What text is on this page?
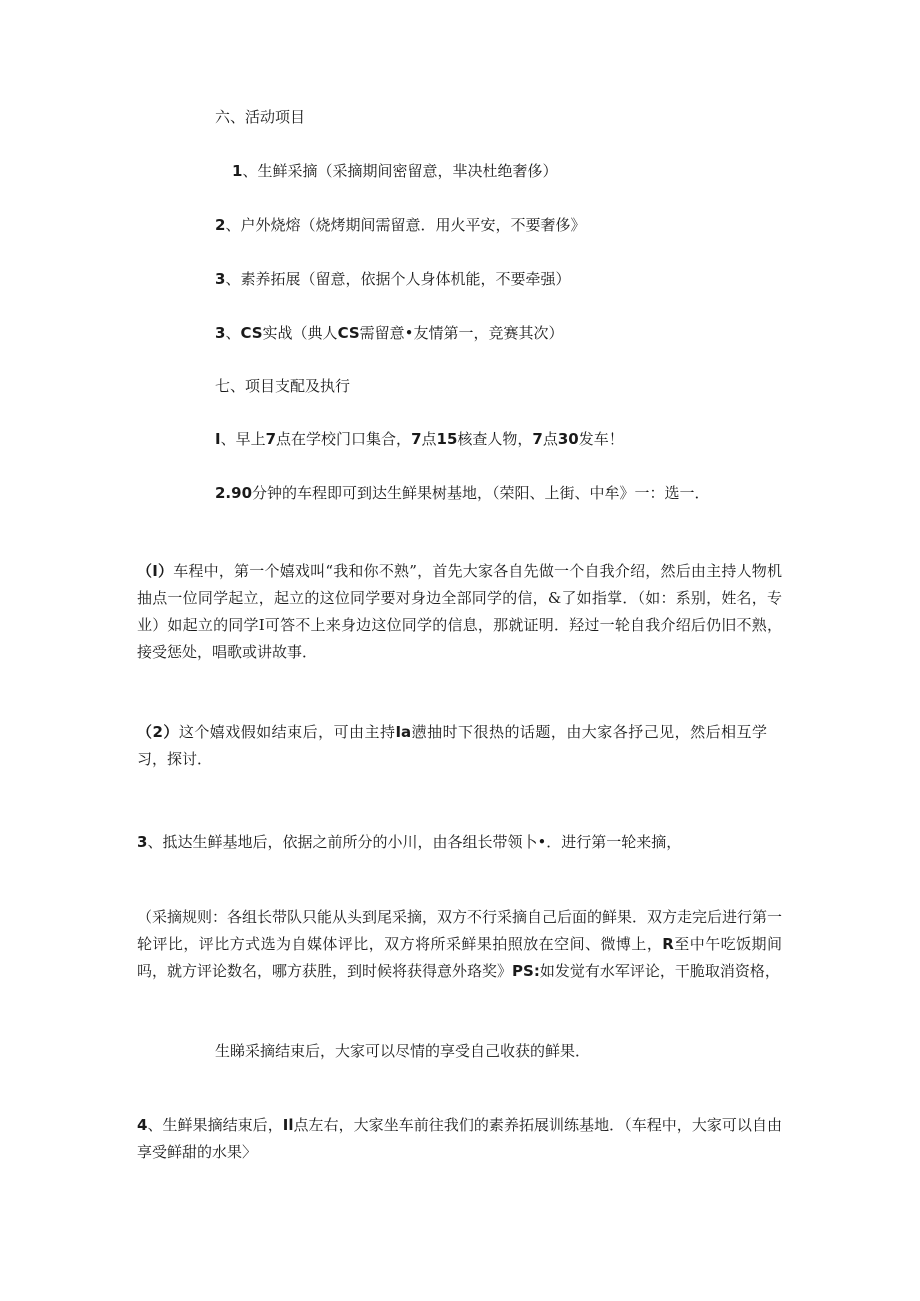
六、活动项目
1、生鲜采摘（采摘期间密留意，芈决杜绝奢侈）
2、户外烧熔（烧烤期间需留意．用火平安，不要奢侈》
3、素养拓展（留意，依据个人身体机能，不要牵强）
3、CS实战（典人CS需留意•友情第一，竞赛其次）
七、项目支配及执行
I、早上7点在学校门口集合，7点15核查人物，7点30发车！
2.90分钟的车程即可到达生鲜果树基地，（荣阳、上街、中牟》一：选一．
（I）车程中，第一个嬉戏叫“我和你不熟”，首先大家各自先做一个自我介绍，然后由主持人物机抽点一位同学起立，起立的这位同学要对身边全部同学的信，&了如指掌．（如：系别，姓名，专业）如起立的同学I可答不上来身边这位同学的信息，那就证明．羟过一轮自我介绍后仍旧不熟，接受惩处，唱歌或讲故事．
（2）这个嬉戏假如结束后，可由主持Ia懑抽时下很热的话题，由大家各抒己见，然后相互学习，探讨．
3、抵达生鲜基地后，依据之前所分的小川，由各组长带领卜•．进行第一轮来摘，
（采摘规则：各组长带队只能从头到尾采摘，双方不行采摘自己后面的鲜果．双方走完后进行第一轮评比，评比方式选为自媒体评比，双方将所采鲜果拍照放在空间、微博上，R至中午吃饭期间吗，就方评论数名，哪方获胜，到时候将获得意外珞奖》PS:如发觉有水军评论，干脆取消资格，
生睇采摘结束后，大家可以尽情的享受自己收获的鲜果．
4、生鲜果摘结束后，Il点左右，大家坐车前往我们的素养拓展训练基地．（车程中，大家可以自由享受鲜甜的水果〉
